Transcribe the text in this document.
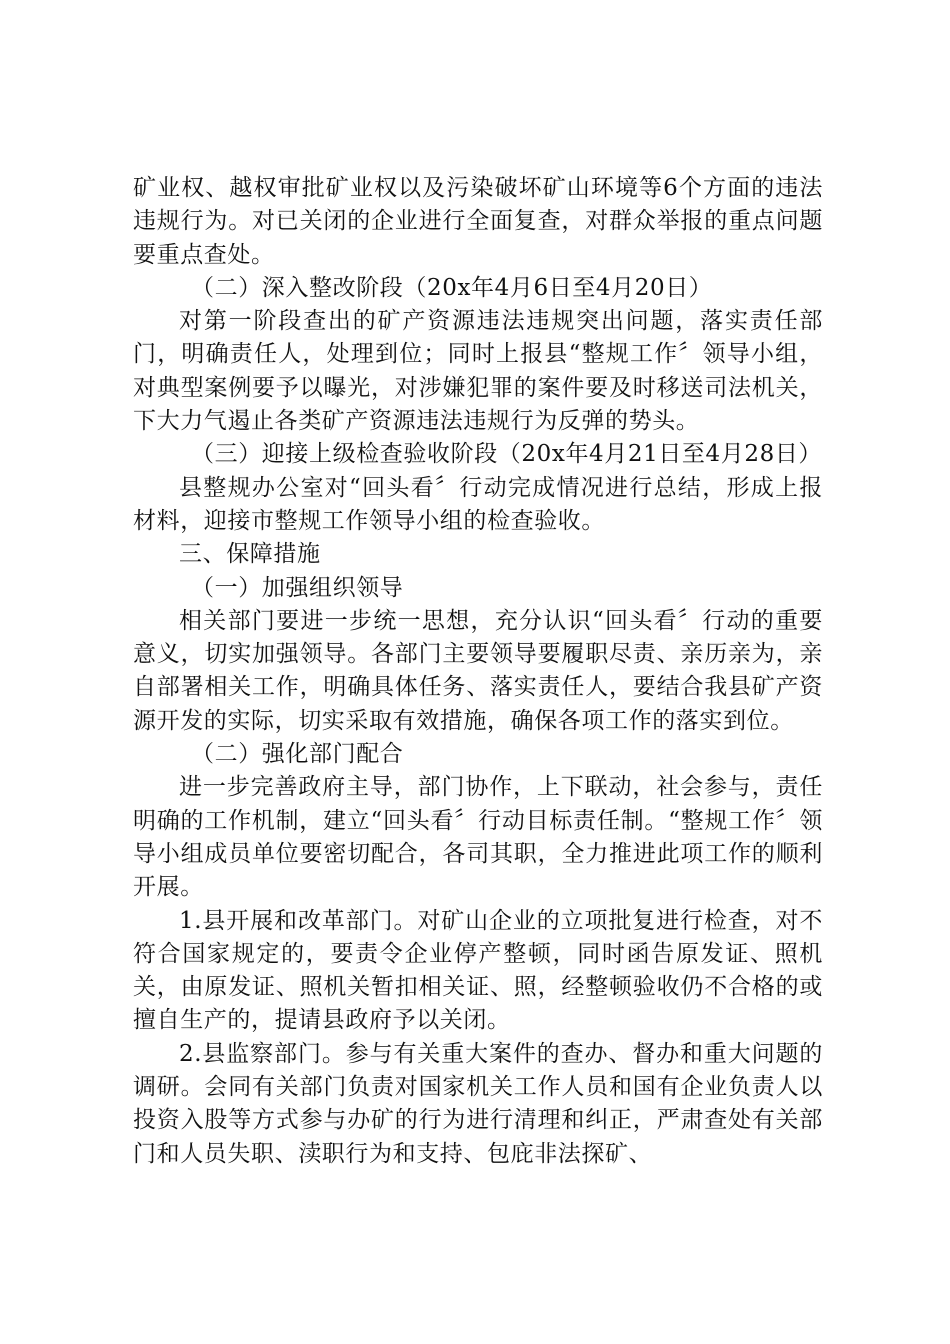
矿业权、越权审批矿业权以及污染破坏矿山环境等6个方面的违法违规行为。对已关闭的企业进行全面复查，对群众举报的重点问题要重点查处。

（二）深入整改阶段（20x年4月6日至4月20日）

对第一阶段查出的矿产资源违法违规突出问题，落实责任部门，明确责任人，处理到位；同时上报县“整规工作〞领导小组，对典型案例要予以曝光，对涉嫌犯罪的案件要及时移送司法机关，下大力气遏止各类矿产资源违法违规行为反弹的势头。

（三）迎接上级检查验收阶段（20x年4月21日至4月28日）

县整规办公室对“回头看〞行动完成情况进行总结，形成上报材料，迎接市整规工作领导小组的检查验收。

三、保障措施

（一）加强组织领导

相关部门要进一步统一思想，充分认识“回头看〞行动的重要意义，切实加强领导。各部门主要领导要履职尽责、亲历亲为，亲自部署相关工作，明确具体任务、落实责任人，要结合我县矿产资源开发的实际，切实采取有效措施，确保各项工作的落实到位。

（二）强化部门配合

进一步完善政府主导，部门协作，上下联动，社会参与，责任明确的工作机制，建立“回头看〞行动目标责任制。“整规工作〞领导小组成员单位要密切配合，各司其职，全力推进此项工作的顺利开展。

1.县开展和改革部门。对矿山企业的立项批复进行检查，对不符合国家规定的，要责令企业停产整顿，同时函告原发证、照机关，由原发证、照机关暂扣相关证、照，经整顿验收仍不合格的或擅自生产的，提请县政府予以关闭。

2.县监察部门。参与有关重大案件的查办、督办和重大问题的调研。会同有关部门负责对国家机关工作人员和国有企业负责人以投资入股等方式参与办矿的行为进行清理和纠正，严肃查处有关部门和人员失职、渎职行为和支持、包庇非法探矿、
